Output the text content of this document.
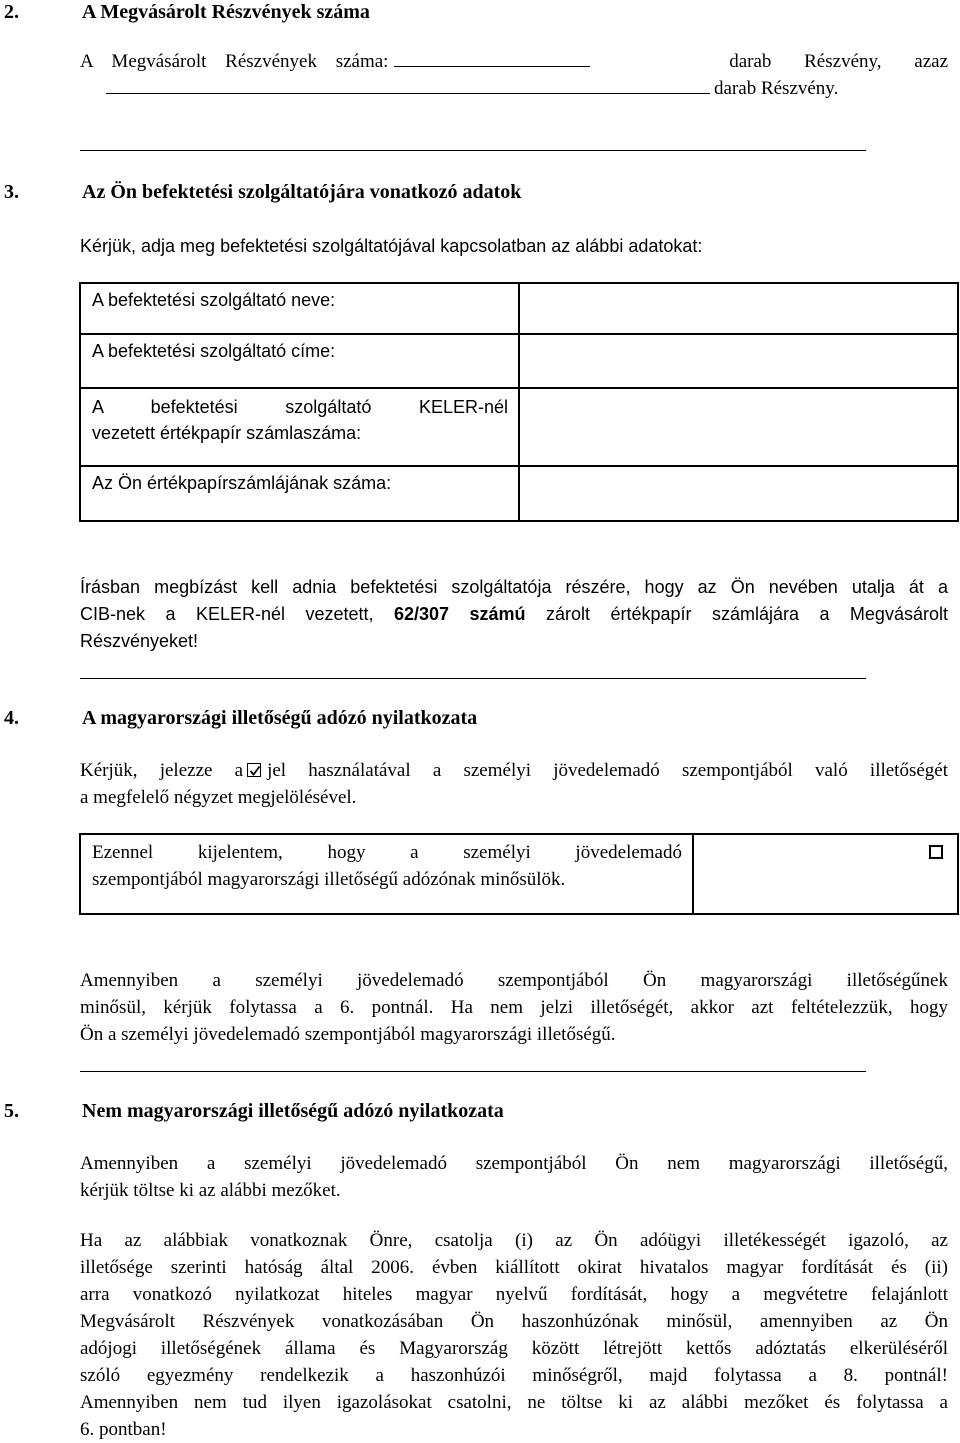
2.	A Megvásárolt Részvények száma
A Megvásárolt Részvények száma:	darab Részvény, azaz
darab Részvény.
3.	Az Ön befektetési szolgáltatójára vonatkozó adatok
Kérjük, adja meg befektetési szolgáltatójával kapcsolatban az alábbi adatokat:
A befektetési szolgáltató neve:	

A befektetési szolgáltató címe:	

A befektetési szolgáltató KELER-nél
vezetett értékpapír számlaszáma:	

Az Ön értékpapírszámlájának száma:	

Írásban megbízást kell adnia befektetési szolgáltatója részére, hogy az Ön nevében utalja át a
CIB-nek a KELER-nél vezetett, 62/307 számú zárolt értékpapír számlájára a Megvásárolt
Részvényeket!
4.	A magyarországi illetőségű adózó nyilatkozata
Kérjük, jelezze a jel használatával a személyi jövedelemadó szempontjából való illetőségét
a megfelelő négyzet megjelölésével.
Ezennel kijelentem, hogy a személyi jövedelemadó
szempontjából magyarországi illetőségű adózónak minősülök.

Amennyiben a személyi jövedelemadó szempontjából Ön magyarországi illetőségűnek
minősül, kérjük folytassa a 6. pontnál. Ha nem jelzi illetőségét, akkor azt feltételezzük, hogy
Ön a személyi jövedelemadó szempontjából magyarországi illetőségű.
5.	Nem magyarországi illetőségű adózó nyilatkozata
Amennyiben a személyi jövedelemadó szempontjából Ön nem magyarországi illetőségű,
kérjük töltse ki az alábbi mezőket.
Ha az alábbiak vonatkoznak Önre, csatolja (i) az Ön adóügyi illetékességét igazoló, az
illetősége szerinti hatóság által 2006. évben kiállított okirat hivatalos magyar fordítását és (ii)
arra vonatkozó nyilatkozat hiteles magyar nyelvű fordítását, hogy a megvétetre felajánlott
Megvásárolt Részvények vonatkozásában Ön haszonhúzónak minősül, amennyiben az Ön
adójogi illetőségének állama és Magyarország között létrejött kettős adóztatás elkerüléséről
szóló egyezmény rendelkezik a haszonhúzói minőségről, majd folytassa a 8. pontnál!
Amennyiben nem tud ilyen igazolásokat csatolni, ne töltse ki az alábbi mezőket és folytassa a
6. pontban!
